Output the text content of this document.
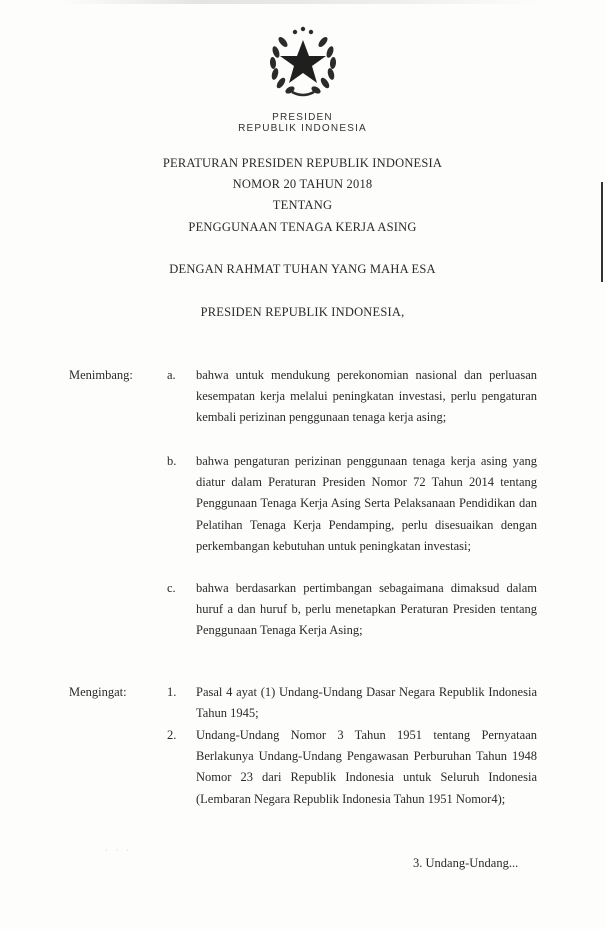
PRESIDEN
REPUBLIK INDONESIA
PERATURAN PRESIDEN REPUBLIK INDONESIA
NOMOR 20 TAHUN 2018
TENTANG
PENGGUNAAN TENAGA KERJA ASING
DENGAN RAHMAT TUHAN YANG MAHA ESA
PRESIDEN REPUBLIK INDONESIA,
Menimbang:	a. bahwa untuk mendukung perekonomian nasional dan perluasan kesempatan kerja melalui peningkatan investasi, perlu pengaturan kembali perizinan penggunaan tenaga kerja asing;
b. bahwa pengaturan perizinan penggunaan tenaga kerja asing yang diatur dalam Peraturan Presiden Nomor 72 Tahun 2014 tentang Penggunaan Tenaga Kerja Asing Serta Pelaksanaan Pendidikan dan Pelatihan Tenaga Kerja Pendamping, perlu disesuaikan dengan perkembangan kebutuhan untuk peningkatan investasi;
c. bahwa berdasarkan pertimbangan sebagaimana dimaksud dalam huruf a dan huruf b, perlu menetapkan Peraturan Presiden tentang Penggunaan Tenaga Kerja Asing;
Mengingat:	1. Pasal 4 ayat (1) Undang-Undang Dasar Negara Republik Indonesia Tahun 1945;
2. Undang-Undang Nomor 3 Tahun 1951 tentang Pernyataan Berlakunya Undang-Undang Pengawasan Perburuhan Tahun 1948 Nomor 23 dari Republik Indonesia untuk Seluruh Indonesia (Lembaran Negara Republik Indonesia Tahun 1951 Nomor4);
· · ·
3. Undang-Undang...
